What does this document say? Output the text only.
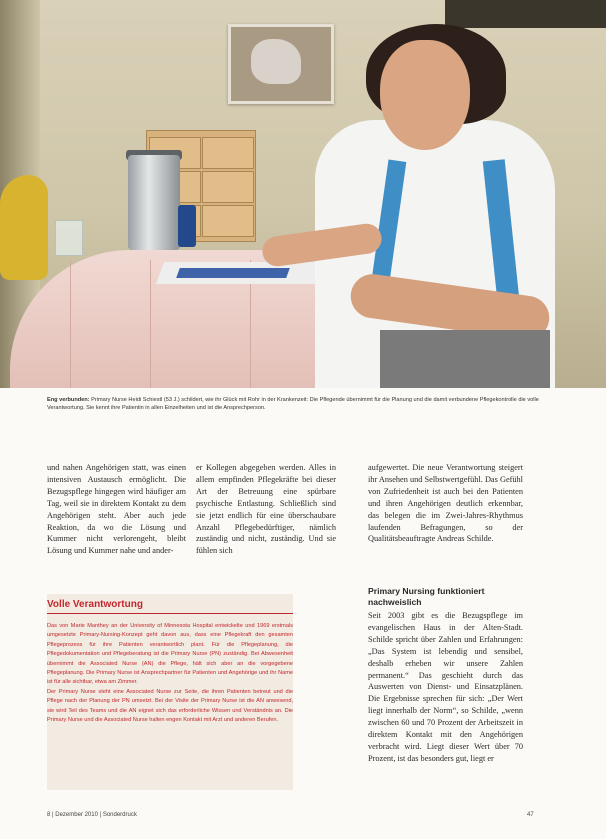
Eng verbunden: Primary Nurse Heidi Schiestl (53 J.) schildert, wie ihr Glück mit Rohr in der Krankenzeit: Die Pflegende übernimmt für die Planung und die damit verbundene Pflegekontrolle die volle Verantwortung. Sie kennt ihre Patientin in allen Einzelheiten und ist die Ansprechperson.

und nahen Angehörigen statt, was einen intensiven Austausch ermöglicht. Die Bezugspflege hingegen wird häufiger am Tag, weil sie in direktem Kontakt zu dem Angehörigen steht. Aber auch jede Reaktion, da wo die Lösung und Kummer nicht verlorengeht, bleibt Lösung und Kummer nahe und ander-

er Kollegen abgegeben werden. Alles in allem empfinden Pflegekräfte bei dieser Art der Betreuung eine spürbare psychische Entlastung. Schließlich sind sie jetzt endlich für eine überschaubare Anzahl Pflegebedürftiger, nämlich zuständig und nicht, zuständig. Und sie fühlen sich

aufgewertet. Die neue Verantwortung steigert ihr Ansehen und Selbstwertgefühl. Das Gefühl von Zufriedenheit ist auch bei den Patienten und ihren Angehörigen deutlich erkennbar, das belegen die im Zwei-Jahres-Rhythmus laufenden Befragungen, so der Qualitätsbeauftragte Andreas Schilde.

Volle Verantwortung

Das von Marie Manthey an der University of Minnesota Hospital entwickelte und 1969 erstmals umgesetzte Primary-Nursing-Konzept geht davon aus, dass eine Pflegekraft den gesamten Pflegeprozess für ihre Patienten verantwortlich plant. Für die Pflegeplanung, die Pflegedokumentation und Pflegeberatung ist die Primary Nurse (PN) zuständig. Bei Abwesenheit übernimmt die Associated Nurse (AN) die Pflege, hält sich aber an die vorgegebene Pflegeplanung. Die Primary Nurse ist Ansprechpartner für Patienten und Angehörige und ihr Name ist für alle sichtbar, etwa am Zimmer.

Der Primary Nurse steht eine Associated Nurse zur Seite, die ihren Patienten betreut und die Pflege nach der Planung der PN umsetzt. Bei der Visite der Primary Nurse ist die AN anwesend, sie wird Teil des Teams und die AN eignet sich das erforderliche Wissen und Verständnis an. Die Primary Nurse und die Associated Nurse halten engen Kontakt mit Arzt und anderen Berufen.

Primary Nursing funktioniert nachweislich

Seit 2003 gibt es die Bezugspflege im evangelischen Haus in der Alten-Stadt. Schilde spricht über Zahlen und Erfahrungen: „Das System ist lebendig und sensibel, deshalb erheben wir unsere Zahlen permanent.“ Das geschieht durch das Auswerten von Dienst- und Einsatzplänen. Die Ergebnisse sprechen für sich: „Der Wert liegt innerhalb der Norm“, so Schilde, „wenn zwischen 60 und 70 Prozent der Arbeitszeit in direktem Kontakt mit den Angehörigen verbracht wird. Liegt dieser Wert über 70 Prozent, ist das besonders gut, liegt er

8 | Dezember 2010 | Sonderdruck	47
